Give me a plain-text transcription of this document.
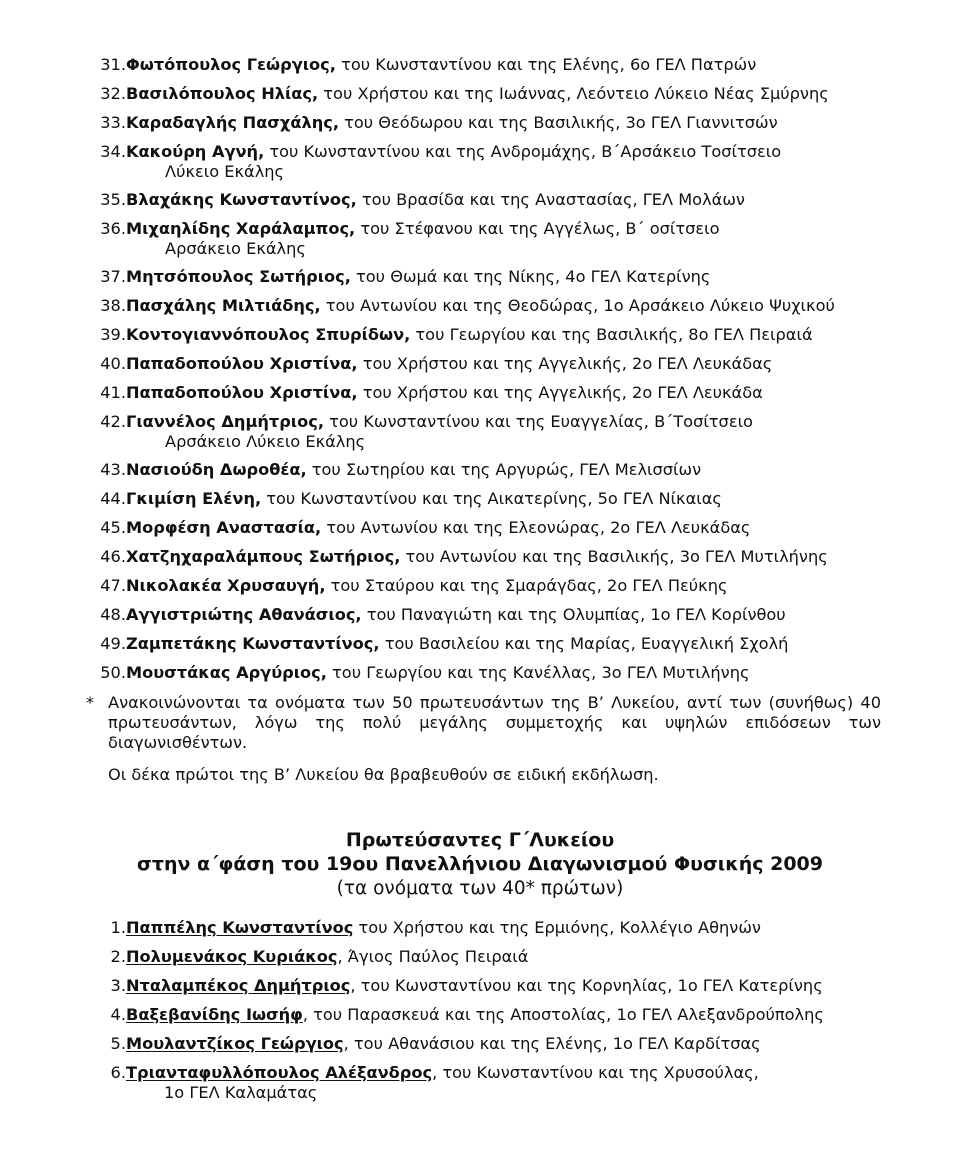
31. Φωτόπουλος Γεώργιος, του Κωνσταντίνου και της Ελένης, 6ο ΓΕΛ Πατρών
32. Βασιλόπουλος Ηλίας, του Χρήστου και της Ιωάννας, Λεόντειο Λύκειο Νέας Σμύρνης
33. Καραδαγλής Πασχάλης, του Θεόδωρου και της Βασιλικής, 3ο ΓΕΛ Γιαννιτσών
34. Κακούρη Αγνή, του Κωνσταντίνου και της Ανδρομάχης, Β΄Αρσάκειο Τοσίτσειο
Λύκειο Εκάλης
35. Βλαχάκης Κωνσταντίνος, του Βρασίδα και της Αναστασίας, ΓΕΛ Μολάων
36. Μιχαηλίδης Χαράλαμπος, του Στέφανου και της Αγγέλως, Β΄ οσίτσειο
Αρσάκειο Εκάλης
37. Μητσόπουλος Σωτήριος, του Θωμά και της Νίκης, 4ο ΓΕΛ Κατερίνης
38. Πασχάλης Μιλτιάδης, του Αντωνίου και της Θεοδώρας, 1ο Αρσάκειο Λύκειο Ψυχικού
39. Κοντογιαννόπουλος Σπυρίδων, του Γεωργίου και της Βασιλικής, 8ο ΓΕΛ Πειραιά
40. Παπαδοπούλου Χριστίνα, του Χρήστου και της Αγγελικής, 2ο ΓΕΛ Λευκάδας
41. Παπαδοπούλου Χριστίνα, του Χρήστου και της Αγγελικής, 2ο ΓΕΛ Λευκάδα
42. Γιαννέλος Δημήτριος, του Κωνσταντίνου και της Ευαγγελίας, Β΄Τοσίτσειο
Αρσάκειο Λύκειο Εκάλης
43. Νασιούδη Δωροθέα, του Σωτηρίου και της Αργυρώς, ΓΕΛ Μελισσίων
44. Γκιμίση Ελένη, του Κωνσταντίνου και της Αικατερίνης, 5ο ΓΕΛ Νίκαιας
45. Μορφέση Αναστασία, του Αντωνίου και της Ελεονώρας, 2ο ΓΕΛ Λευκάδας
46. Χατζηχαραλάμπους Σωτήριος, του Αντωνίου και της Βασιλικής, 3ο ΓΕΛ Μυτιλήνης
47. Νικολακέα Χρυσαυγή, του Σταύρου και της Σμαράγδας, 2ο ΓΕΛ Πεύκης
48. Αγγιστριώτης Αθανάσιος, του Παναγιώτη και της Ολυμπίας, 1ο ΓΕΛ Κορίνθου
49. Ζαμπετάκης Κωνσταντίνος, του Βασιλείου και της Μαρίας, Ευαγγελική Σχολή
50. Μουστάκας Αργύριος, του Γεωργίου και της Κανέλλας, 3ο ΓΕΛ Μυτιλήνης
* Ανακοινώνονται τα ονόματα των 50 πρωτευσάντων της Β’ Λυκείου, αντί των (συνήθως) 40 πρωτευσάντων, λόγω της πολύ μεγάλης συμμετοχής και υψηλών επιδόσεων των διαγωνισθέντων.
Οι δέκα πρώτοι της Β’ Λυκείου θα βραβευθούν σε ειδική εκδήλωση.
Πρωτεύσαντες Γ΄Λυκείου
στην α΄φάση του 19ου Πανελλήνιου Διαγωνισμού Φυσικής 2009
(τα ονόματα των 40* πρώτων)
1. Παππέλης Κωνσταντίνος του Χρήστου και της Ερμιόνης, Κολλέγιο Αθηνών
2. Πολυμενάκος Κυριάκος, Άγιος Παύλος Πειραιά
3. Νταλαμπέκος Δημήτριος, του Κωνσταντίνου και της Κορνηλίας, 1ο ΓΕΛ Κατερίνης
4. Βαξεβανίδης Ιωσήφ, του Παρασκευά και της Αποστολίας, 1ο ΓΕΛ Αλεξανδρούπολης
5. Μουλαντζίκος Γεώργιος, του Αθανάσιου και της Ελένης, 1ο ΓΕΛ Καρδίτσας
6. Τριανταφυλλόπουλος Αλέξανδρος, του Κωνσταντίνου και της Χρυσούλας,
1ο ΓΕΛ Καλαμάτας
